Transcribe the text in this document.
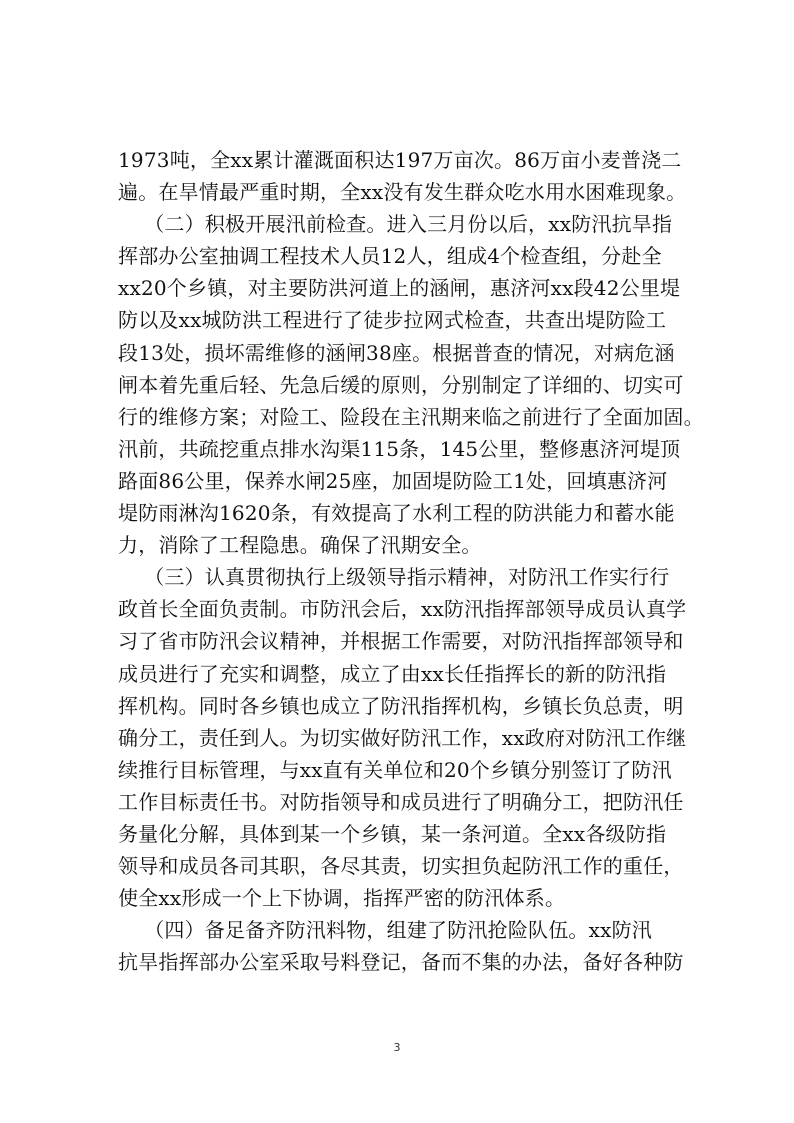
1973吨，全xx累计灌溉面积达197万亩次。86万亩小麦普浇二
遍。在旱情最严重时期，全xx没有发生群众吃水用水困难现象。
（二）积极开展汛前检查。进入三月份以后，xx防汛抗旱指
挥部办公室抽调工程技术人员12人，组成4个检查组，分赴全
xx20个乡镇，对主要防洪河道上的涵闸，惠济河xx段42公里堤
防以及xx城防洪工程进行了徒步拉网式检查，共查出堤防险工
段13处，损坏需维修的涵闸38座。根据普查的情况，对病危涵
闸本着先重后轻、先急后缓的原则，分别制定了详细的、切实可
行的维修方案；对险工、险段在主汛期来临之前进行了全面加固。
汛前，共疏挖重点排水沟渠115条，145公里，整修惠济河堤顶
路面86公里，保养水闸25座，加固堤防险工1处，回填惠济河
堤防雨淋沟1620条，有效提高了水利工程的防洪能力和蓄水能
力，消除了工程隐患。确保了汛期安全。
（三）认真贯彻执行上级领导指示精神，对防汛工作实行行
政首长全面负责制。市防汛会后，xx防汛指挥部领导成员认真学
习了省市防汛会议精神，并根据工作需要，对防汛指挥部领导和
成员进行了充实和调整，成立了由xx长任指挥长的新的防汛指
挥机构。同时各乡镇也成立了防汛指挥机构，乡镇长负总责，明
确分工，责任到人。为切实做好防汛工作，xx政府对防汛工作继
续推行目标管理，与xx直有关单位和20个乡镇分别签订了防汛
工作目标责任书。对防指领导和成员进行了明确分工，把防汛任
务量化分解，具体到某一个乡镇，某一条河道。全xx各级防指
领导和成员各司其职，各尽其责，切实担负起防汛工作的重任，
使全xx形成一个上下协调，指挥严密的防汛体系。
（四）备足备齐防汛料物，组建了防汛抢险队伍。xx防汛
抗旱指挥部办公室采取号料登记，备而不集的办法，备好各种防
3
